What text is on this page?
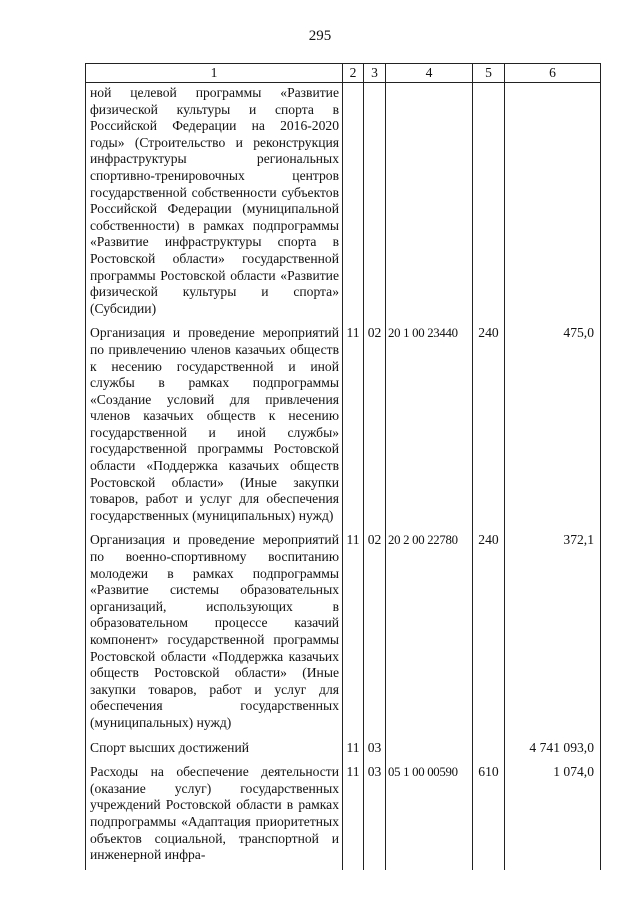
295
1	2	3	4	5	6
ной целевой программы «Развитие физической культуры и спорта в Российской Федерации на 2016-2020 годы» (Строительство и реконструкция инфраструктуры региональных спортивно-тренировочных центров государственной собственности субъектов Российской Федерации (муниципальной собственности) в рамках подпрограммы «Развитие инфраструктуры спорта в Ростовской области» государственной программы Ростовской области «Развитие физической культуры и спорта» (Субсидии)					
Организация и проведение мероприятий по привлечению членов казачьих обществ к несению государственной и иной службы в рамках подпрограммы «Создание условий для привлечения членов казачьих обществ к несению государственной и иной службы» государственной программы Ростовской области «Поддержка казачьих обществ Ростовской области» (Иные закупки товаров, работ и услуг для обеспечения государственных (муниципальных) нужд)	11	02	20 1 00 23440	240	475,0
Организация и проведение мероприятий по военно-спортивному воспитанию молодежи в рамках подпрограммы «Развитие системы образовательных организаций, использующих в образовательном процессе казачий компонент» государственной программы Ростовской области «Поддержка казачьих обществ Ростовской области» (Иные закупки товаров, работ и услуг для обеспечения государственных (муниципальных) нужд)	11	02	20 2 00 22780	240	372,1
Спорт высших достижений	11	03			4 741 093,0
Расходы на обеспечение деятельности (оказание услуг) государственных учреждений Ростовской области в рамках подпрограммы «Адаптация приоритетных объектов социальной, транспортной и инженерной инфра-	11	03	05 1 00 00590	610	1 074,0
